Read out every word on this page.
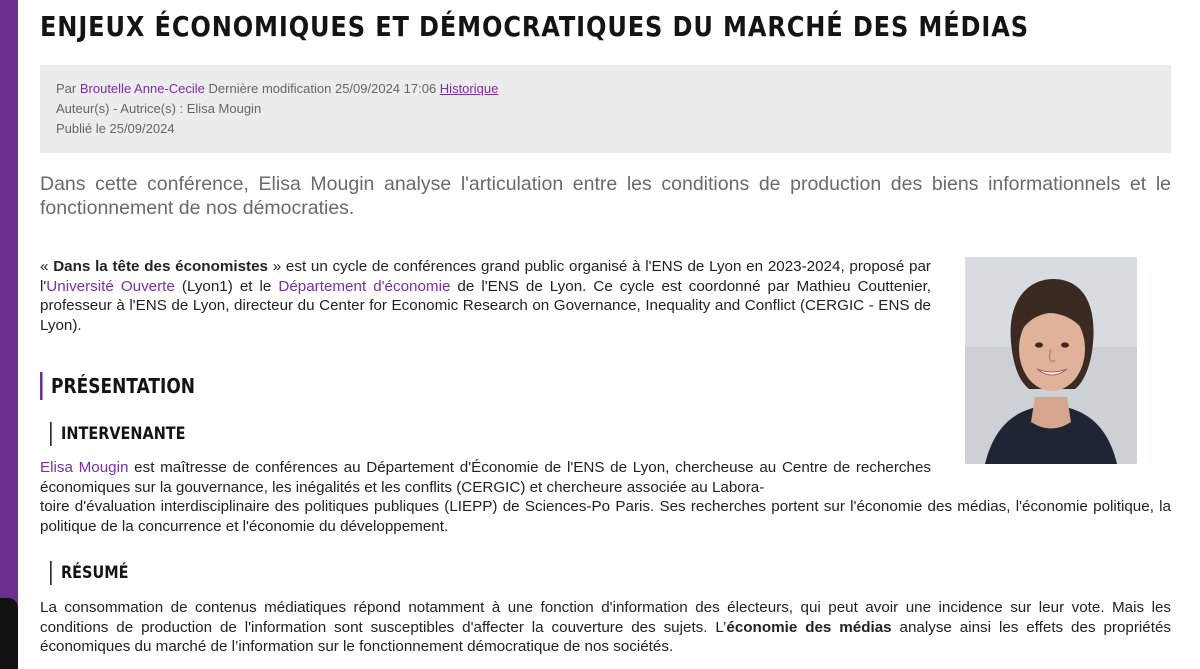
ENJEUX ÉCONOMIQUES ET DÉMOCRATIQUES DU MARCHÉ DES MÉDIAS
Par Broutelle Anne-Cecile Dernière modification 25/09/2024 17:06 Historique
Auteur(s) - Autrice(s) : Elisa Mougin
Publié le 25/09/2024

Dans cette conférence, Elisa Mougin analyse l'articulation entre les conditions de production des biens informationnels et le fonctionnement de nos démocraties.

« Dans la tête des économistes » est un cycle de conférences grand public organisé à l'ENS de Lyon en 2023-2024, proposé par l'Université Ouverte (Lyon1) et le Département d'économie de l'ENS de Lyon. Ce cycle est coordonné par Mathieu Couttenier, professeur à l'ENS de Lyon, directeur du Center for Economic Research on Governance, Inequality and Conflict (CERGIC - ENS de Lyon).

PRÉSENTATION
INTERVENANTE

Elisa Mougin est maîtresse de conférences au Département d'Économie de l'ENS de Lyon, chercheuse au Centre de recherches économiques sur la gouvernance, les inégalités et les conflits (CERGIC) et chercheure associée au Labora-

toire d'évaluation interdisciplinaire des politiques publiques (LIEPP) de Sciences-Po Paris. Ses recherches portent sur l'économie des médias, l'économie politique, la politique de la concurrence et l'économie du développement.

RÉSUMÉ

La consommation de contenus médiatiques répond notamment à une fonction d'information des électeurs, qui peut avoir une incidence sur leur vote. Mais les conditions de production de l'information sont susceptibles d'affecter la couverture des sujets. L’économie des médias analyse ainsi les effets des propriétés économiques du marché de l’information sur le fonctionnement démocratique de nos sociétés.
